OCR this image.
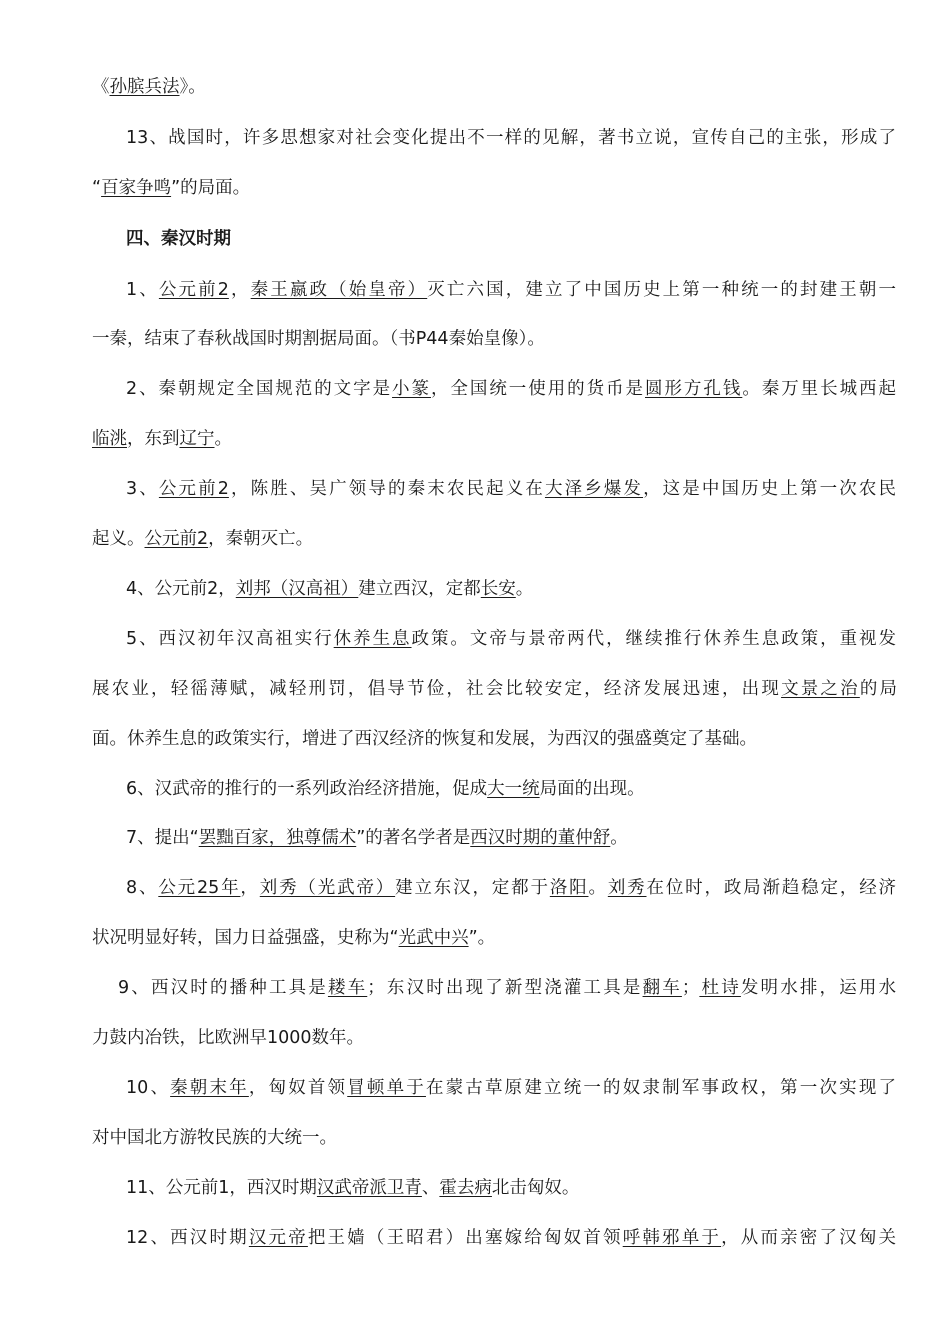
《孙膑兵法》。
13、战国时，许多思想家对社会变化提出不一样的见解，著书立说，宣传自己的主张，形成了
“百家争鸣”的局面。
四、秦汉时期
1、公元前2，秦王嬴政（始皇帝）灭亡六国，建立了中国历史上第一种统一的封建王朝一
一秦，结束了春秋战国时期割据局面。（书P44秦始皇像）。
2、秦朝规定全国规范的文字是小篆，全国统一使用的货币是圆形方孔钱。秦万里长城西起
临洮，东到辽宁。
3、公元前2，陈胜、吴广领导的秦末农民起义在大泽乡爆发，这是中国历史上第一次农民
起义。公元前2，秦朝灭亡。
4、公元前2，刘邦（汉高祖）建立西汉，定都长安。
5、西汉初年汉高祖实行休养生息政策。文帝与景帝两代，继续推行休养生息政策，重视发
展农业，轻徭薄赋，减轻刑罚，倡导节俭，社会比较安定，经济发展迅速，出现文景之治的局
面。休养生息的政策实行，增进了西汉经济的恢复和发展，为西汉的强盛奠定了基础。
6、汉武帝的推行的一系列政治经济措施，促成大一统局面的出现。
7、提出“罢黜百家，独尊儒术”的著名学者是西汉时期的董仲舒。
8、公元25年，刘秀（光武帝）建立东汉，定都于洛阳。刘秀在位时，政局渐趋稳定，经济
状况明显好转，国力日益强盛，史称为“光武中兴”。
9、西汉时的播种工具是耧车；东汉时出现了新型浇灌工具是翻车；杜诗发明水排，运用水
力鼓内冶铁，比欧洲早1000数年。
10、秦朝末年，匈奴首领冒顿单于在蒙古草原建立统一的奴隶制军事政权，第一次实现了
对中国北方游牧民族的大统一。
11、公元前1，西汉时期汉武帝派卫青、霍去病北击匈奴。
12、西汉时期汉元帝把王嫱（王昭君）出塞嫁给匈奴首领呼韩邪单于，从而亲密了汉匈关
